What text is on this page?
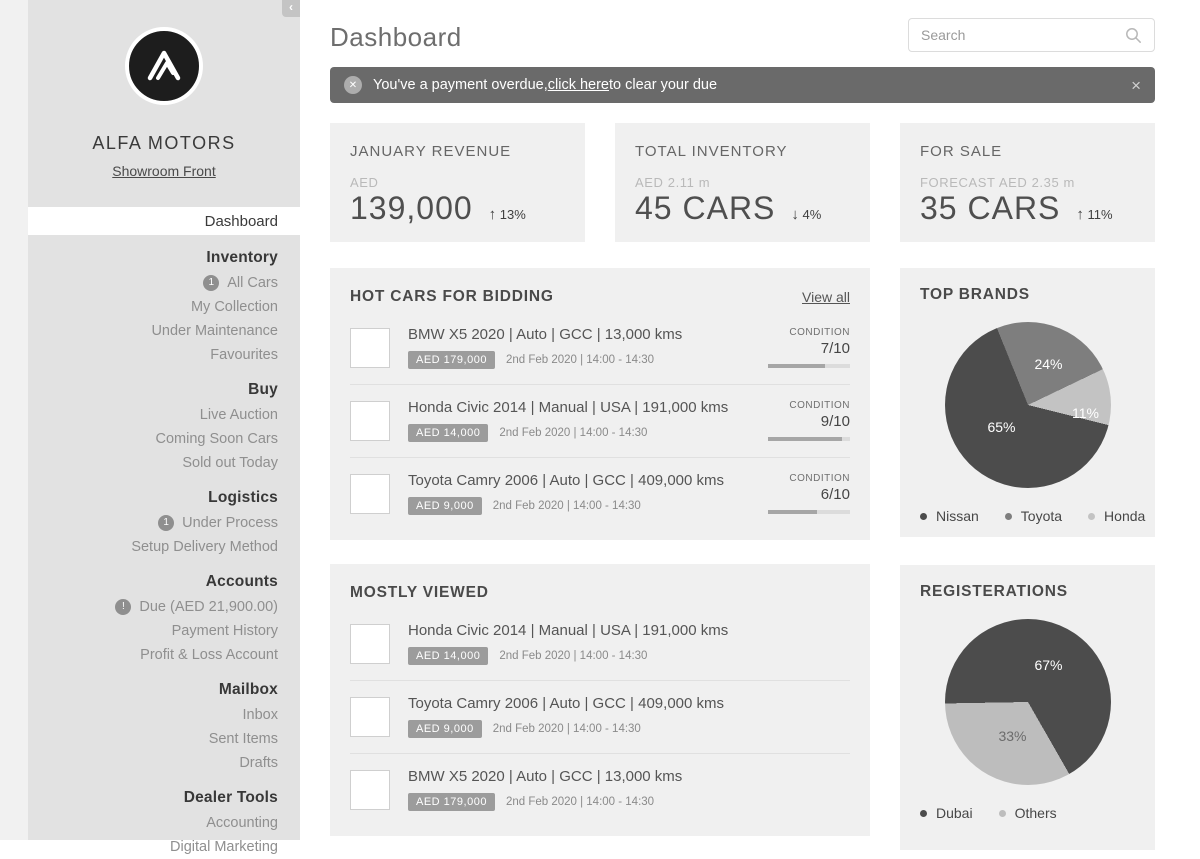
‹
ALFA MOTORS
Showroom Front
Dashboard
Inventory
1 All Cars
My Collection
Under Maintenance
Favourites
Buy
Live Auction
Coming Soon Cars
Sold out Today
Logistics
1 Under Process
Setup Delivery Method
Accounts
!	Due (AED 21,900.00)
Payment History
Profit & Loss Account
Mailbox
Inbox
Sent Items
Drafts
Dealer Tools
Accounting
Digital Marketing
Dashboard
Search
✕	You've a payment overdue, click here to clear your due	×
JANUARY REVENUE
AED
139,000 ↑ 13%
TOTAL INVENTORY
AED 2.11 m
45 CARS ↓ 4%
FOR SALE
FORECAST AED 2.35 m
35 CARS ↑ 11%
HOT CARS FOR BIDDING	View all
BMW X5 2020 | Auto | GCC | 13,000 kms
AED 179,000	2nd Feb 2020 | 14:00 - 14:30
CONDITION
7/10
Honda Civic 2014 | Manual | USA | 191,000 kms
AED 14,000	2nd Feb 2020 | 14:00 - 14:30
CONDITION
9/10
Toyota Camry 2006 | Auto | GCC | 409,000 kms
AED 9,000	2nd Feb 2020 | 14:00 - 14:30
CONDITION
6/10
MOSTLY VIEWED
Honda Civic 2014 | Manual | USA | 191,000 kms
AED 14,000	2nd Feb 2020 | 14:00 - 14:30
Toyota Camry 2006 | Auto | GCC | 409,000 kms
AED 9,000	2nd Feb 2020 | 14:00 - 14:30
BMW X5 2020 | Auto | GCC | 13,000 kms
AED 179,000	2nd Feb 2020 | 14:00 - 14:30
TOP BRANDS
24%
11%
65%
Nissan	Toyota	Honda
REGISTERATIONS
67%
33%
Dubai	Others
